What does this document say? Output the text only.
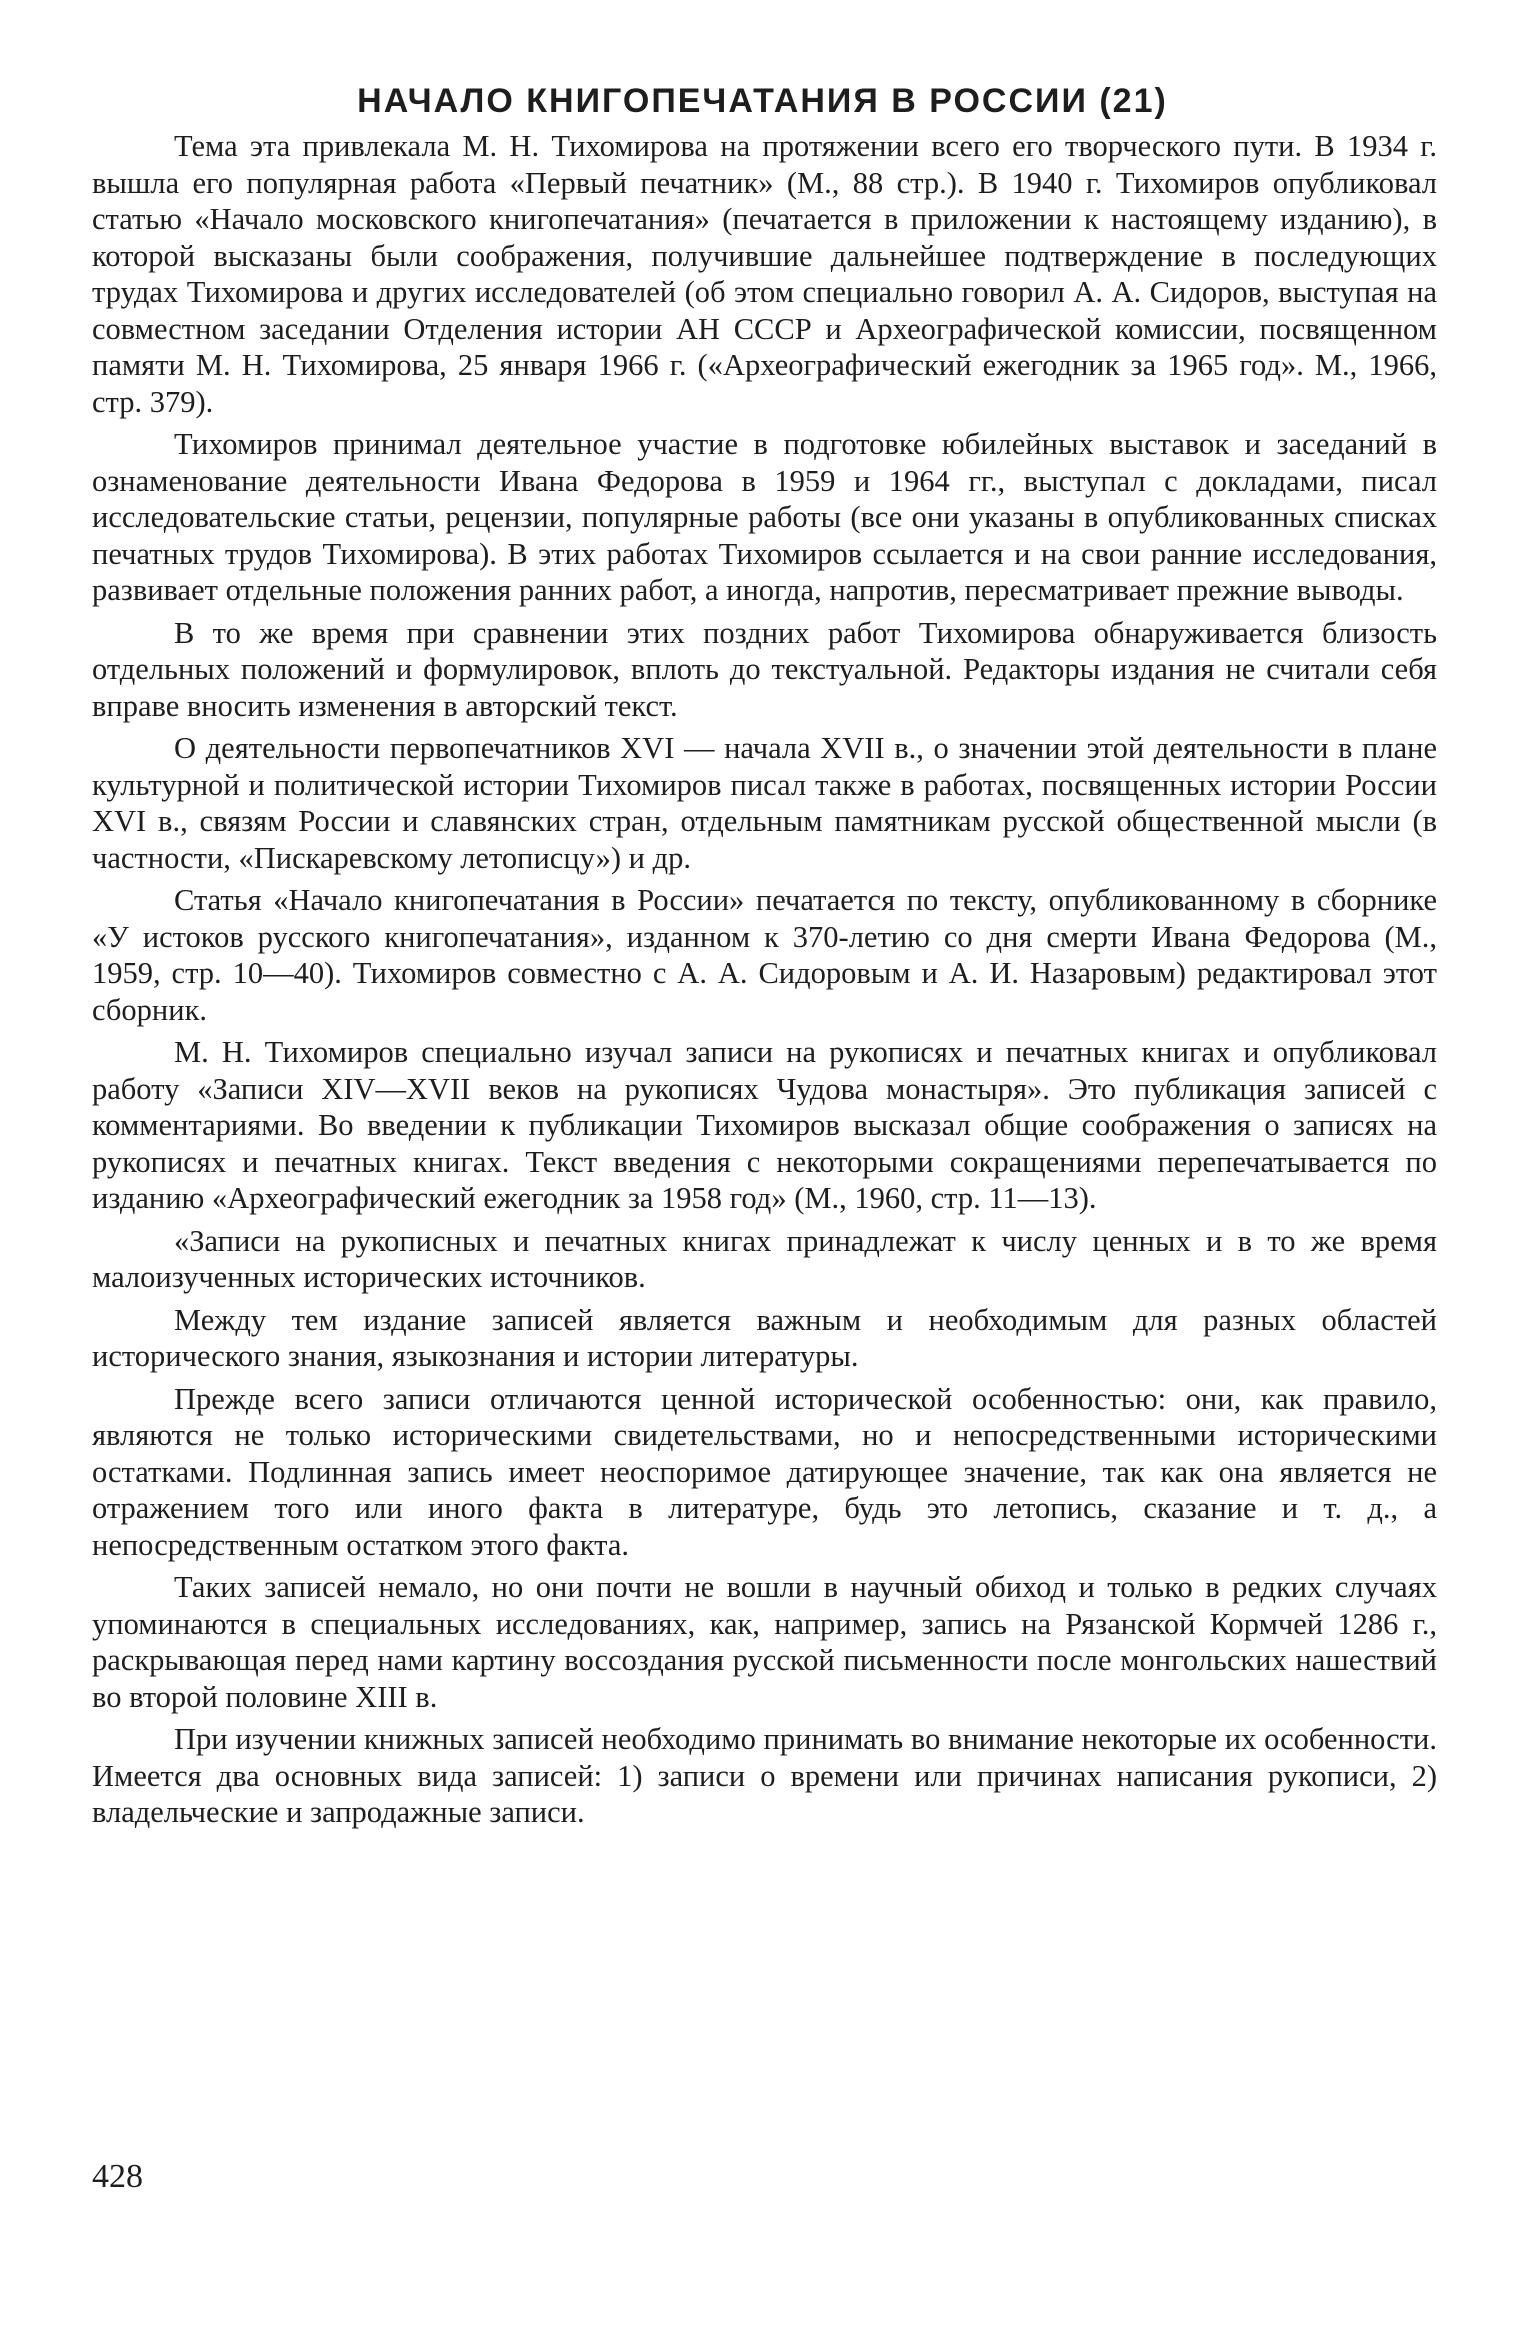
НАЧАЛО КНИГОПЕЧАТАНИЯ В РОССИИ (21)

Тема эта привлекала М. Н. Тихомирова на протяжении всего его творческого пути. В 1934 г. вышла его популярная работа «Первый печатник» (М., 88 стр.). В 1940 г. Тихомиров опубликовал статью «Начало московского книгопечатания» (печатается в приложении к настоящему изданию), в которой высказаны были соображения, получившие дальнейшее подтверждение в последующих трудах Тихомирова и других исследователей (об этом специально говорил А. А. Сидоров, выступая на совместном заседании Отделения истории АН СССР и Археографической комиссии, посвященном памяти М. Н. Тихомирова, 25 января 1966 г. («Археографический ежегодник за 1965 год». М., 1966, стр. 379).

Тихомиров принимал деятельное участие в подготовке юбилейных выставок и заседаний в ознаменование деятельности Ивана Федорова в 1959 и 1964 гг., выступал с докладами, писал исследовательские статьи, рецензии, популярные работы (все они указаны в опубликованных списках печатных трудов Тихомирова). В этих работах Тихомиров ссылается и на свои ранние исследования, развивает отдельные положения ранних работ, а иногда, напротив, пересматривает прежние выводы.

В то же время при сравнении этих поздних работ Тихомирова обнаруживается близость отдельных положений и формулировок, вплоть до текстуальной. Редакторы издания не считали себя вправе вносить изменения в авторский текст.

О деятельности первопечатников XVI — начала XVII в., о значении этой деятельности в плане культурной и политической истории Тихомиров писал также в работах, посвященных истории России XVI в., связям России и славянских стран, отдельным памятникам русской общественной мысли (в частности, «Пискаревскому летописцу») и др.

Статья «Начало книгопечатания в России» печатается по тексту, опубликованному в сборнике «У истоков русского книгопечатания», изданном к 370-летию со дня смерти Ивана Федорова (М., 1959, стр. 10—40). Тихомиров совместно с А. А. Сидоровым и А. И. Назаровым) редактировал этот сборник.

М. Н. Тихомиров специально изучал записи на рукописях и печатных книгах и опубликовал работу «Записи XIV—XVII веков на рукописях Чудова монастыря». Это публикация записей с комментариями. Во введении к публикации Тихомиров высказал общие соображения о записях на рукописях и печатных книгах. Текст введения с некоторыми сокращениями перепечатывается по изданию «Археографический ежегодник за 1958 год» (М., 1960, стр. 11—13).

«Записи на рукописных и печатных книгах принадлежат к числу ценных и в то же время малоизученных исторических источников.

Между тем издание записей является важным и необходимым для разных областей исторического знания, языкознания и истории литературы.

Прежде всего записи отличаются ценной исторической особенностью: они, как правило, являются не только историческими свидетельствами, но и непосредственными историческими остатками. Подлинная запись имеет неоспоримое датирующее значение, так как она является не отражением того или иного факта в литературе, будь это летопись, сказание и т. д., а непосредственным остатком этого факта.

Таких записей немало, но они почти не вошли в научный обиход и только в редких случаях упоминаются в специальных исследованиях, как, например, запись на Рязанской Кормчей 1286 г., раскрывающая перед нами картину воссоздания русской письменности после монгольских нашествий во второй половине XIII в.

При изучении книжных записей необходимо принимать во внимание некоторые их особенности. Имеется два основных вида записей: 1) записи о времени или причинах написания рукописи, 2) владельческие и запродажные записи.

428
